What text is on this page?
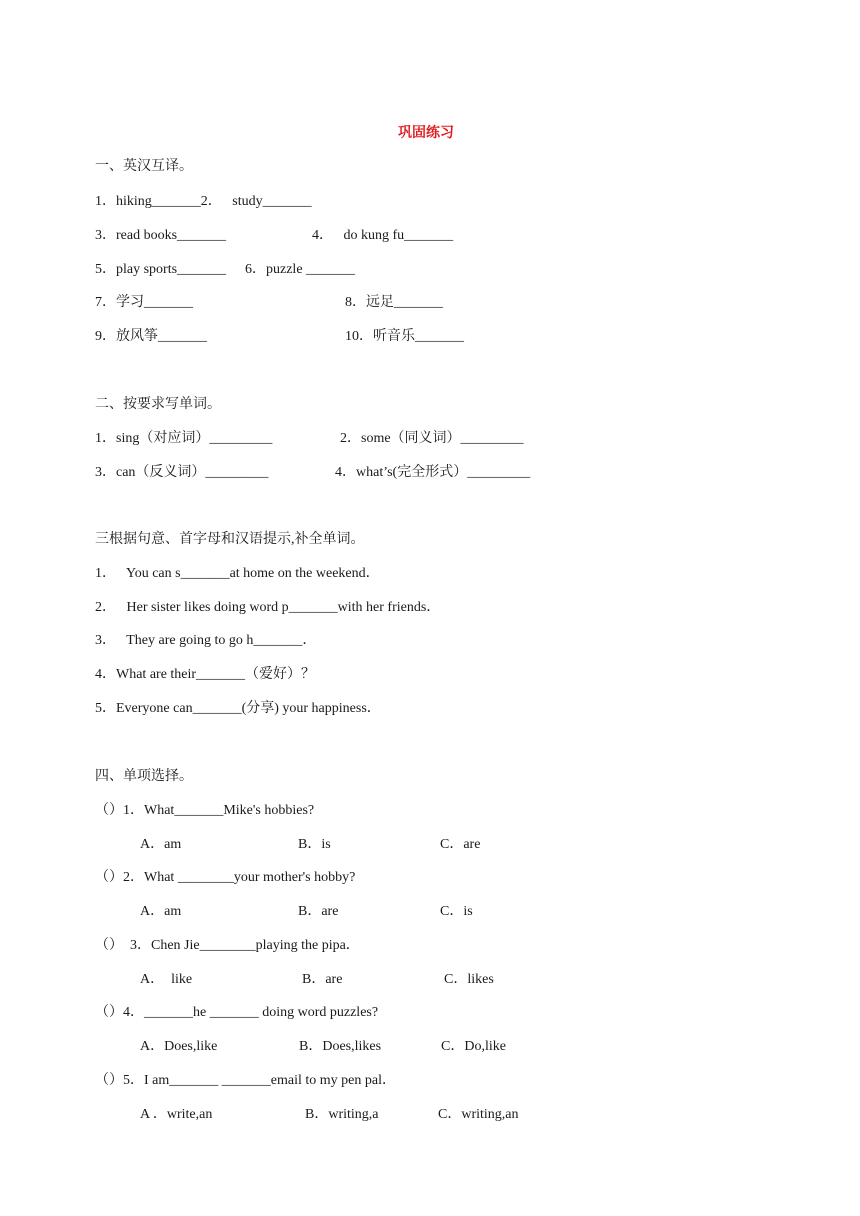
巩固练习
一、英汉互译。
1．hiking_______2．   study_______
3．read books_______	4．   do kung fu_______
5．play sports_______ 6．puzzle _______
7．学习_______	8．远足_______
9．放风筝_______	10．听音乐_______
二、按要求写单词。
1．sing（对应词）_________	2．some（同义词）_________
3．can（反义词）_________	4．what’s(完全形式）_________
三根据句意、首字母和汉语提示,补全单词。
1．   You can s_______at home on the weekend．
2．   Her sister likes doing word p_______with her friends．
3．   They are going to go h_______．
4．What are their_______（爱好）？
5．Everyone can_______(分享) your happiness．
四、单项选择。
（）1．What_______Mike's hobbies?
A．am	B．is	C．are
（）2．What ________your mother's hobby?
A．am	B．are	C．is
（）  3．Chen Jie________playing the pipa．
A．  like	B．are	C．likes
（）4．_______he _______ doing word puzzles?
A．Does,like	B．Does,likes	C．Do,like
（）5．I am_______ _______email to my pen pal．
A ．write,an	B．writing,a	C．writing,an
